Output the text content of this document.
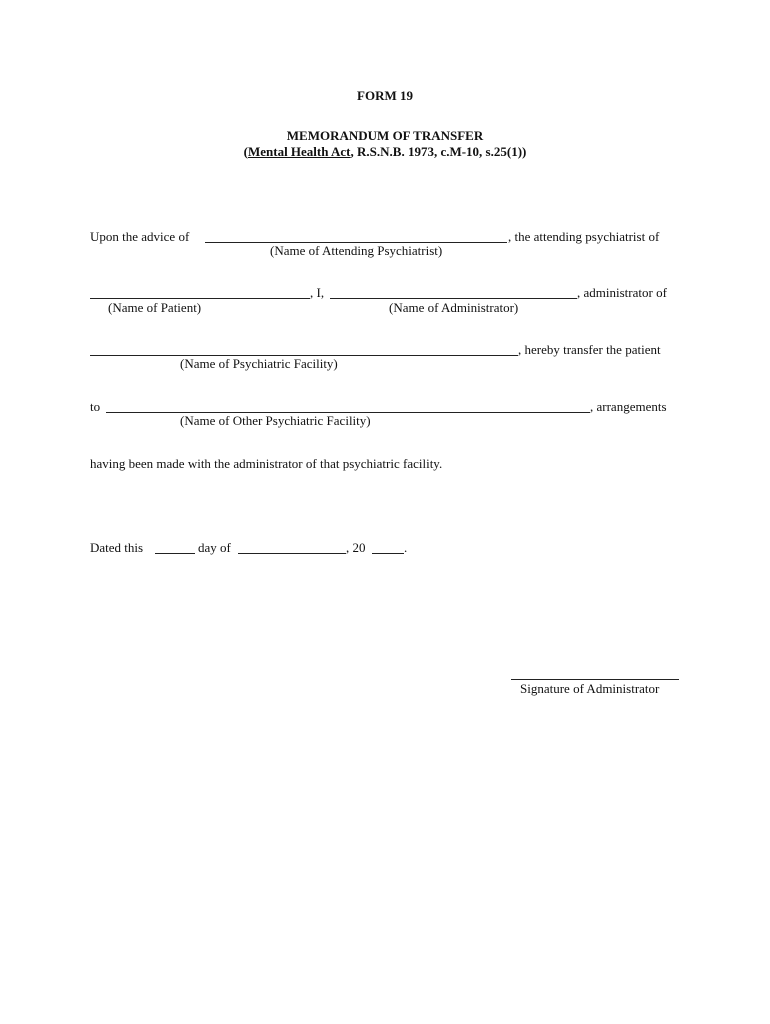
FORM 19
MEMORANDUM OF TRANSFER
(Mental Health Act, R.S.N.B. 1973, c.M-10, s.25(1))
Upon the advice of	, the attending psychiatrist of
(Name of Attending Psychiatrist)
, I,	, administrator of
(Name of Patient)	(Name of Administrator)
, hereby transfer the patient
(Name of Psychiatric Facility)
to	, arrangements
(Name of Other Psychiatric Facility)
having been made with the administrator of that psychiatric facility.
Dated this	day of	, 20	.
Signature of Administrator
